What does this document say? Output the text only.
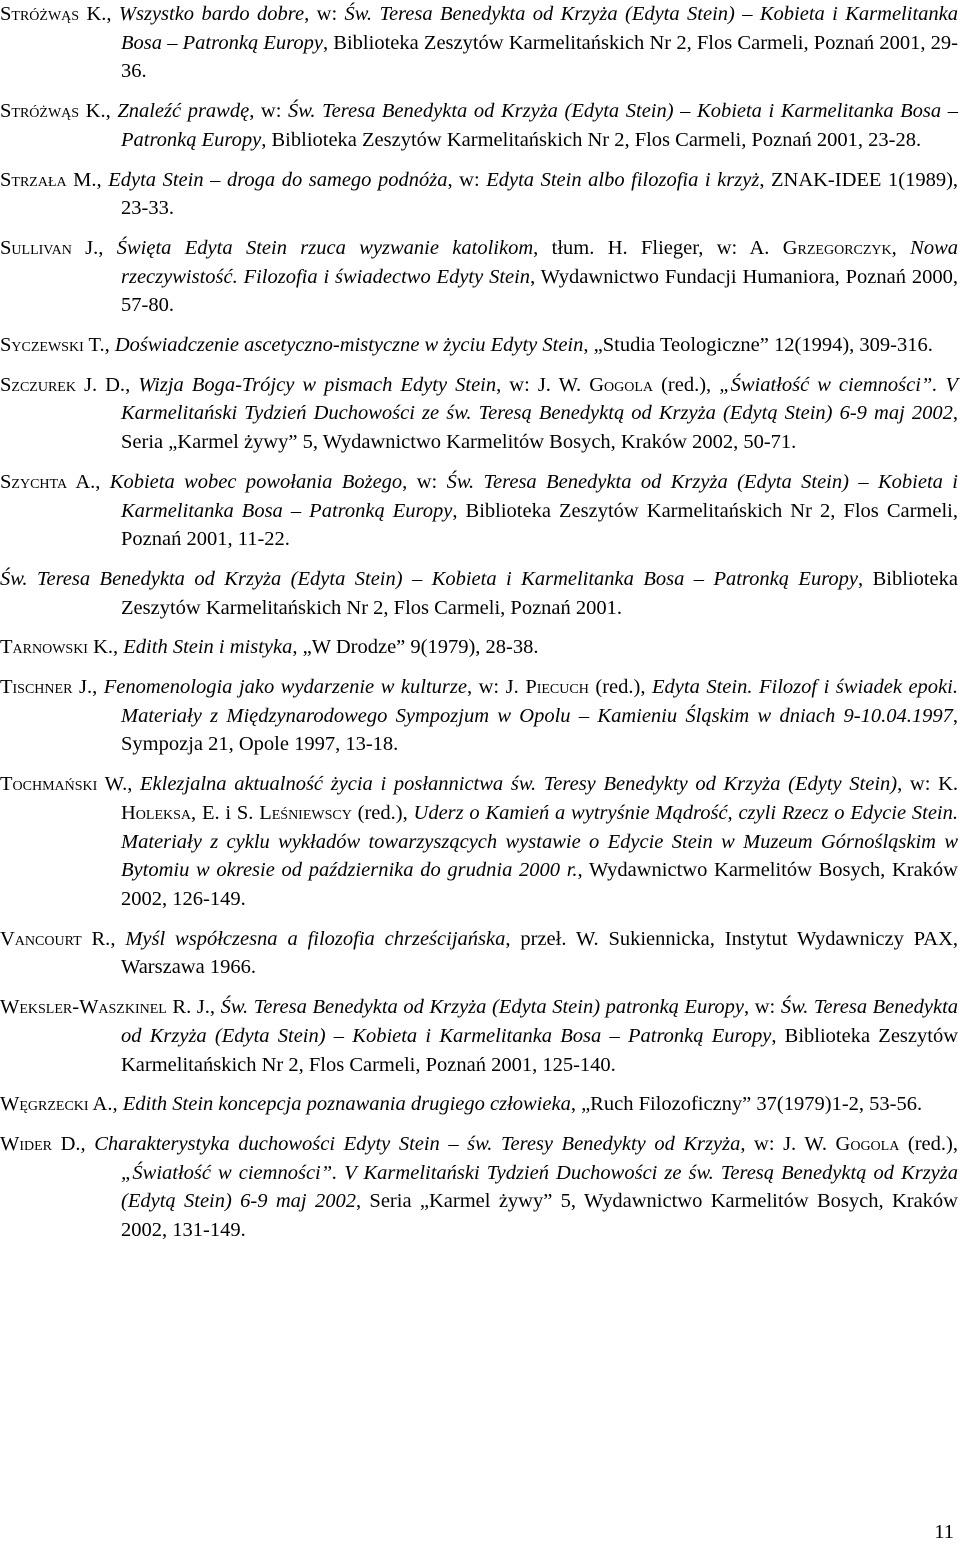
Stróżwąs K., Wszystko bardo dobre, w: Św. Teresa Benedykta od Krzyża (Edyta Stein) – Kobieta i Karmelitanka Bosa – Patronką Europy, Biblioteka Zeszytów Karmelitańskich Nr 2, Flos Carmeli, Poznań 2001, 29-36.
Stróżwąs K., Znaleźć prawdę, w: Św. Teresa Benedykta od Krzyża (Edyta Stein) – Kobieta i Karmelitanka Bosa – Patronką Europy, Biblioteka Zeszytów Karmelitańskich Nr 2, Flos Carmeli, Poznań 2001, 23-28.
Strzała M., Edyta Stein – droga do samego podnóża, w: Edyta Stein albo filozofia i krzyż, ZNAK-IDEE 1(1989), 23-33.
Sullivan J., Święta Edyta Stein rzuca wyzwanie katolikom, tłum. H. Flieger, w: A. Grzegorczyk, Nowa rzeczywistość. Filozofia i świadectwo Edyty Stein, Wydawnictwo Fundacji Humaniora, Poznań 2000, 57-80.
Syczewski T., Doświadczenie ascetyczno-mistyczne w życiu Edyty Stein, „Studia Teologiczne” 12(1994), 309-316.
Szczurek J. D., Wizja Boga-Trójcy w pismach Edyty Stein, w: J. W. Gogola (red.), „Światłość w ciemności”. V Karmelitański Tydzień Duchowości ze św. Teresą Benedyktą od Krzyża (Edytą Stein) 6-9 maj 2002, Seria „Karmel żywy” 5, Wydawnictwo Karmelitów Bosych, Kraków 2002, 50-71.
Szychta A., Kobieta wobec powołania Bożego, w: Św. Teresa Benedykta od Krzyża (Edyta Stein) – Kobieta i Karmelitanka Bosa – Patronką Europy, Biblioteka Zeszytów Karmelitańskich Nr 2, Flos Carmeli, Poznań 2001, 11-22.
Św. Teresa Benedykta od Krzyża (Edyta Stein) – Kobieta i Karmelitanka Bosa – Patronką Europy, Biblioteka Zeszytów Karmelitańskich Nr 2, Flos Carmeli, Poznań 2001.
Tarnowski K., Edith Stein i mistyka, „W Drodze” 9(1979), 28-38.
Tischner J., Fenomenologia jako wydarzenie w kulturze, w: J. Piecuch (red.), Edyta Stein. Filozof i świadek epoki. Materiały z Międzynarodowego Sympozjum w Opolu – Kamieniu Śląskim w dniach 9-10.04.1997, Sympozja 21, Opole 1997, 13-18.
Tochmański W., Eklezjalna aktualność życia i posłannictwa św. Teresy Benedykty od Krzyża (Edyty Stein), w: K. Holeksa, E. i S. Leśniewscy (red.), Uderz o Kamień a wytryśnie Mądrość, czyli Rzecz o Edycie Stein. Materiały z cyklu wykładów towarzyszących wystawie o Edycie Stein w Muzeum Górnośląskim w Bytomiu w okresie od października do grudnia 2000 r., Wydawnictwo Karmelitów Bosych, Kraków 2002, 126-149.
Vancourt R., Myśl współczesna a filozofia chrześcijańska, przeł. W. Sukiennicka, Instytut Wydawniczy PAX, Warszawa 1966.
Weksler-Waszkinel R. J., Św. Teresa Benedykta od Krzyża (Edyta Stein) patronką Europy, w: Św. Teresa Benedykta od Krzyża (Edyta Stein) – Kobieta i Karmelitanka Bosa – Patronką Europy, Biblioteka Zeszytów Karmelitańskich Nr 2, Flos Carmeli, Poznań 2001, 125-140.
Węgrzecki A., Edith Stein koncepcja poznawania drugiego człowieka, „Ruch Filozoficzny” 37(1979)1-2, 53-56.
Wider D., Charakterystyka duchowości Edyty Stein – św. Teresy Benedykty od Krzyża, w: J. W. Gogola (red.), „Światłość w ciemności”. V Karmelitański Tydzień Duchowości ze św. Teresą Benedyktą od Krzyża (Edytą Stein) 6-9 maj 2002, Seria „Karmel żywy” 5, Wydawnictwo Karmelitów Bosych, Kraków 2002, 131-149.
11
